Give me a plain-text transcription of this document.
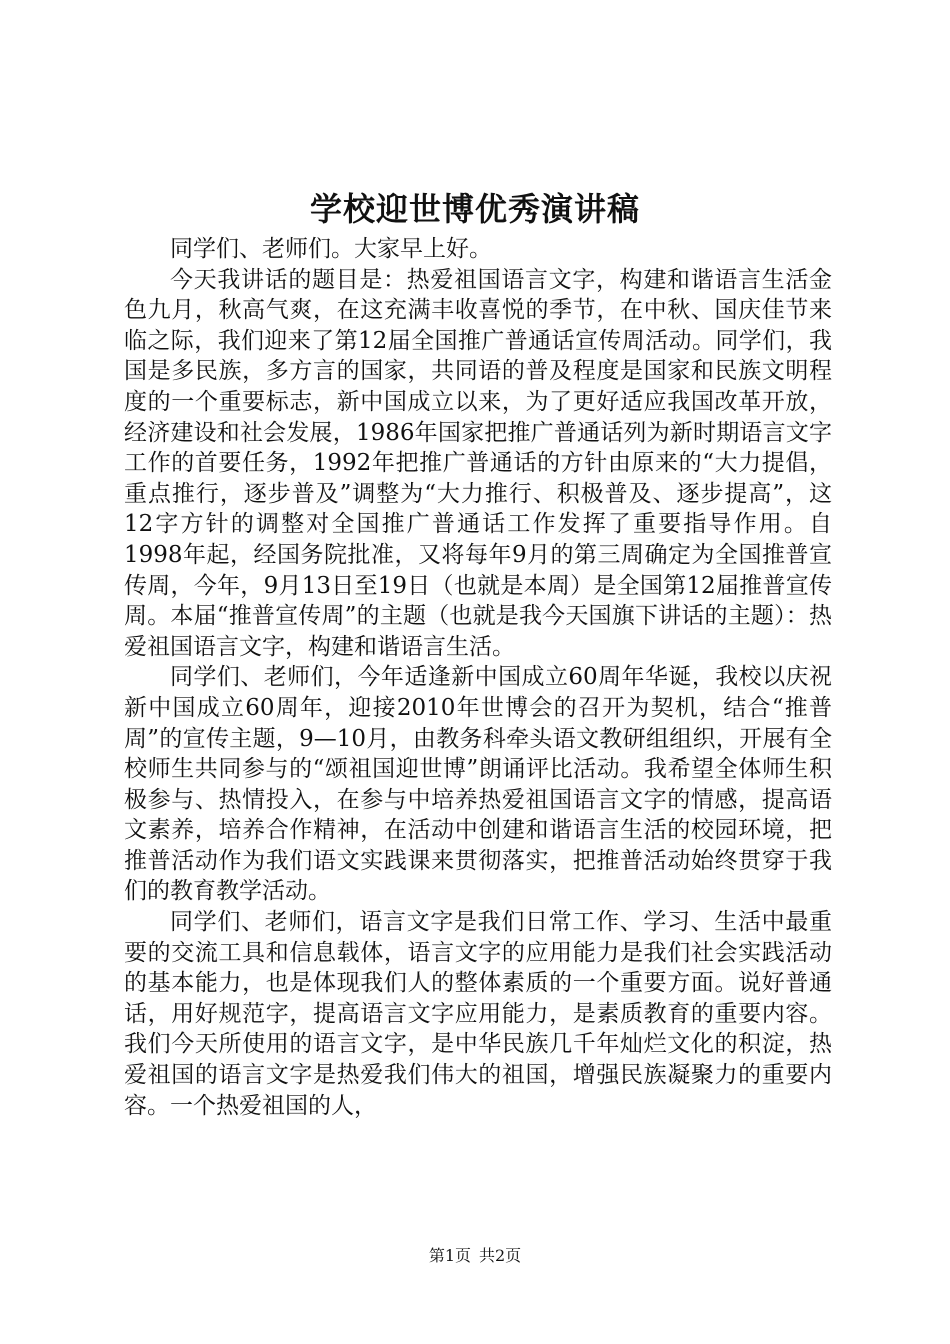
学校迎世博优秀演讲稿

同学们、老师们。大家早上好。

今天我讲话的题目是：热爱祖国语言文字，构建和谐语言生活金色九月，秋高气爽，在这充满丰收喜悦的季节，在中秋、国庆佳节来临之际，我们迎来了第12届全国推广普通话宣传周活动。同学们，我国是多民族，多方言的国家，共同语的普及程度是国家和民族文明程度的一个重要标志，新中国成立以来，为了更好适应我国改革开放，经济建设和社会发展，1986年国家把推广普通话列为新时期语言文字工作的首要任务，1992年把推广普通话的方针由原来的“大力提倡，重点推行，逐步普及”调整为“大力推行、积极普及、逐步提高”，这12字方针的调整对全国推广普通话工作发挥了重要指导作用。自1998年起，经国务院批准，又将每年9月的第三周确定为全国推普宣传周，今年，9月13日至19日（也就是本周）是全国第12届推普宣传周。本届“推普宣传周”的主题（也就是我今天国旗下讲话的主题）：热爱祖国语言文字，构建和谐语言生活。

同学们、老师们，今年适逢新中国成立60周年华诞，我校以庆祝新中国成立60周年，迎接2010年世博会的召开为契机，结合“推普周”的宣传主题，9—10月，由教务科牵头语文教研组组织，开展有全校师生共同参与的“颂祖国迎世博”朗诵评比活动。我希望全体师生积极参与、热情投入，在参与中培养热爱祖国语言文字的情感，提高语文素养，培养合作精神，在活动中创建和谐语言生活的校园环境，把推普活动作为我们语文实践课来贯彻落实，把推普活动始终贯穿于我们的教育教学活动。

同学们、老师们，语言文字是我们日常工作、学习、生活中最重要的交流工具和信息载体，语言文字的应用能力是我们社会实践活动的基本能力，也是体现我们人的整体素质的一个重要方面。说好普通话，用好规范字，提高语言文字应用能力，是素质教育的重要内容。我们今天所使用的语言文字，是中华民族几千年灿烂文化的积淀，热爱祖国的语言文字是热爱我们伟大的祖国，增强民族凝聚力的重要内容。一个热爱祖国的人，

第1页 共2页
